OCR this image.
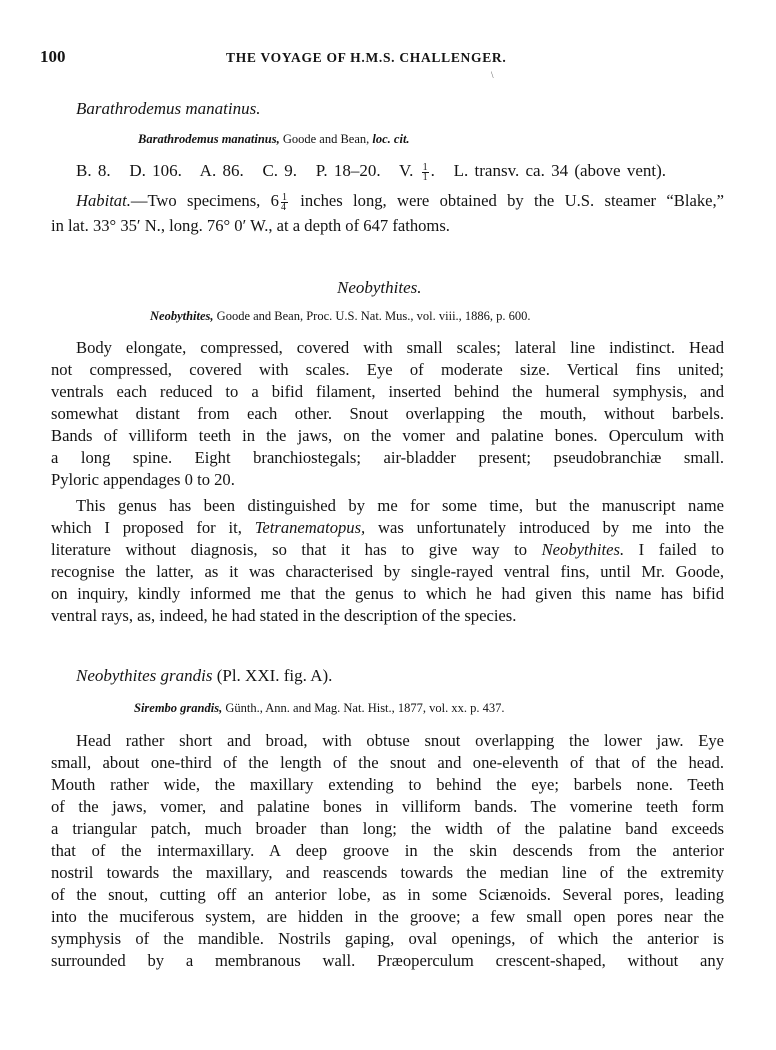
100	THE VOYAGE OF H.M.S. CHALLENGER.
\
Barathrodemus manatinus.
Barathrodemus manatinus, Goode and Bean, loc. cit.
B. 8.   D. 106.   A. 86.   C. 9.   P. 18–20.   V. $\frac{1}{1}$ .   L. transv. ca. 34 (above vent).
Habitat.—Two specimens, $6 \frac{1}{4}$ inches long, were obtained by the U.S. steamer “Blake,”
in lat. 33° 35′ N., long. 76° 0′ W., at a depth of 647 fathoms.
Neobythites.
Neobythites, Goode and Bean, Proc. U.S. Nat. Mus., vol. viii., 1886, p. 600.
Body elongate, compressed, covered with small scales; lateral line indistinct. Head
not compressed, covered with scales. Eye of moderate size. Vertical fins united;
ventrals each reduced to a bifid filament, inserted behind the humeral symphysis, and
somewhat distant from each other. Snout overlapping the mouth, without barbels.
Bands of villiform teeth in the jaws, on the vomer and palatine bones. Operculum with
a long spine. Eight branchiostegals; air-bladder present; pseudobranchiæ small.
Pyloric appendages 0 to 20.
This genus has been distinguished by me for some time, but the manuscript name
which I proposed for it, Tetranematopus, was unfortunately introduced by me into the
literature without diagnosis, so that it has to give way to Neobythites. I failed to
recognise the latter, as it was characterised by single-rayed ventral fins, until Mr. Goode,
on inquiry, kindly informed me that the genus to which he had given this name has bifid
ventral rays, as, indeed, he had stated in the description of the species.
Neobythites grandis (Pl. XXI. fig. A).
Sirembo grandis, Günth., Ann. and Mag. Nat. Hist., 1877, vol. xx. p. 437.
Head rather short and broad, with obtuse snout overlapping the lower jaw. Eye
small, about one-third of the length of the snout and one-eleventh of that of the head.
Mouth rather wide, the maxillary extending to behind the eye; barbels none. Teeth
of the jaws, vomer, and palatine bones in villiform bands. The vomerine teeth form
a triangular patch, much broader than long; the width of the palatine band exceeds
that of the intermaxillary. A deep groove in the skin descends from the anterior
nostril towards the maxillary, and reascends towards the median line of the extremity
of the snout, cutting off an anterior lobe, as in some Sciænoids. Several pores, leading
into the muciferous system, are hidden in the groove; a few small open pores near the
symphysis of the mandible. Nostrils gaping, oval openings, of which the anterior is
surrounded by a membranous wall. Præoperculum crescent-shaped, without any
